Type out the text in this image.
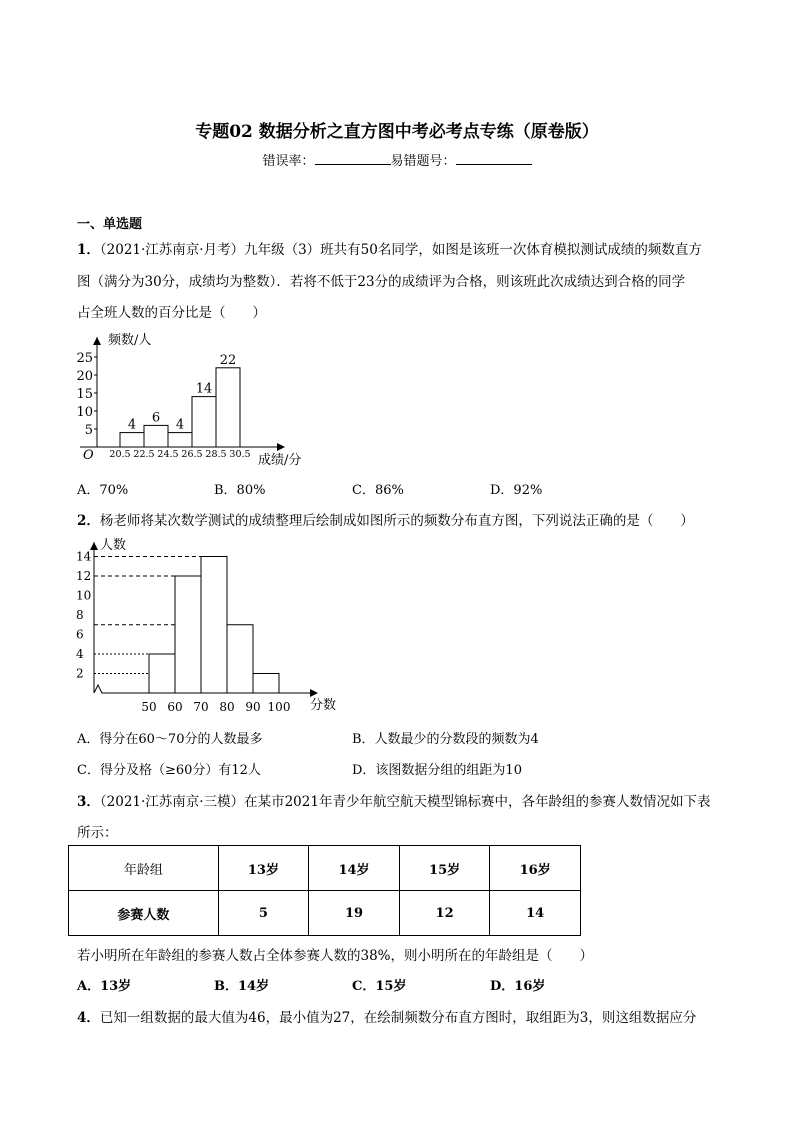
专题02 数据分析之直方图中考必考点专练（原卷版）
错误率：	易错题号：
一、单选题
1．（2021·江苏南京·月考）九年级（3）班共有50名同学，如图是该班一次体育模拟测试成绩的频数直方
图（满分为30分，成绩均为整数）．若将不低于23分的成绩评为合格，则该班此次成绩达到合格的同学
占全班人数的百分比是（　　）
频数/人
成绩/分
O
5
10
15
20
25
20.5 22.5 24.5 26.5 28.5 30.5
4 6 4
14
22
A．70%	B．80%	C．86%	D．92%
2．杨老师将某次数学测试的成绩整理后绘制成如图所示的频数分布直方图，下列说法正确的是（　　）
人数
分数
2
4
6
8
10
12
14
50 60 70 80 90 100
A．得分在60～70分的人数最多	B．人数最少的分数段的频数为4
C．得分及格（≥60分）有12人	D．该图数据分组的组距为10
3．（2021·江苏南京·三模）在某市2021年青少年航空航天模型锦标赛中，各年龄组的参赛人数情况如下表
所示：
年龄组	13岁	14岁	15岁	16岁
参赛人数	5	19	12	14
若小明所在年龄组的参赛人数占全体参赛人数的38%，则小明所在的年龄组是（　　）
A．13岁	B．14岁	C．15岁	D．16岁
4．已知一组数据的最大值为46，最小值为27，在绘制频数分布直方图时，取组距为3，则这组数据应分
